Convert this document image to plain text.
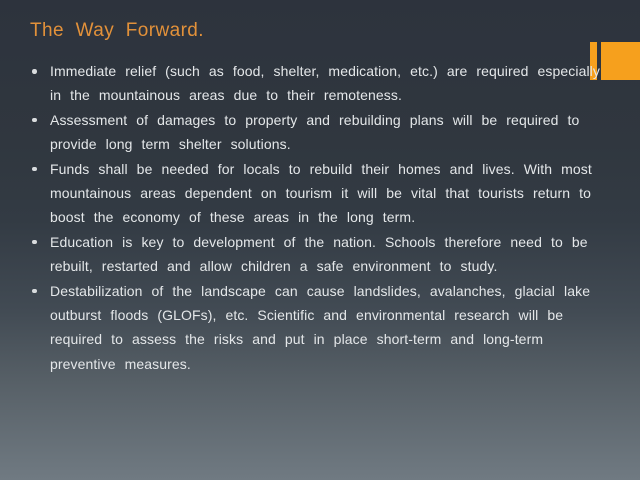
The Way Forward.
Immediate relief (such as food, shelter, medication, etc.) are required especially in the mountainous areas due to their remoteness.
Assessment of damages to property and rebuilding plans will be required to provide long term shelter solutions.
Funds shall be needed for locals to rebuild their homes and lives. With most mountainous areas dependent on tourism it will be vital that tourists return to boost the economy of these areas in the long term.
Education is key to development of the nation. Schools therefore need to be rebuilt, restarted and allow children a safe environment to study.
Destabilization of the landscape can cause landslides, avalanches, glacial lake outburst floods (GLOFs), etc. Scientific and environmental research will be required to assess the risks and put in place short-term and long-term preventive measures.
